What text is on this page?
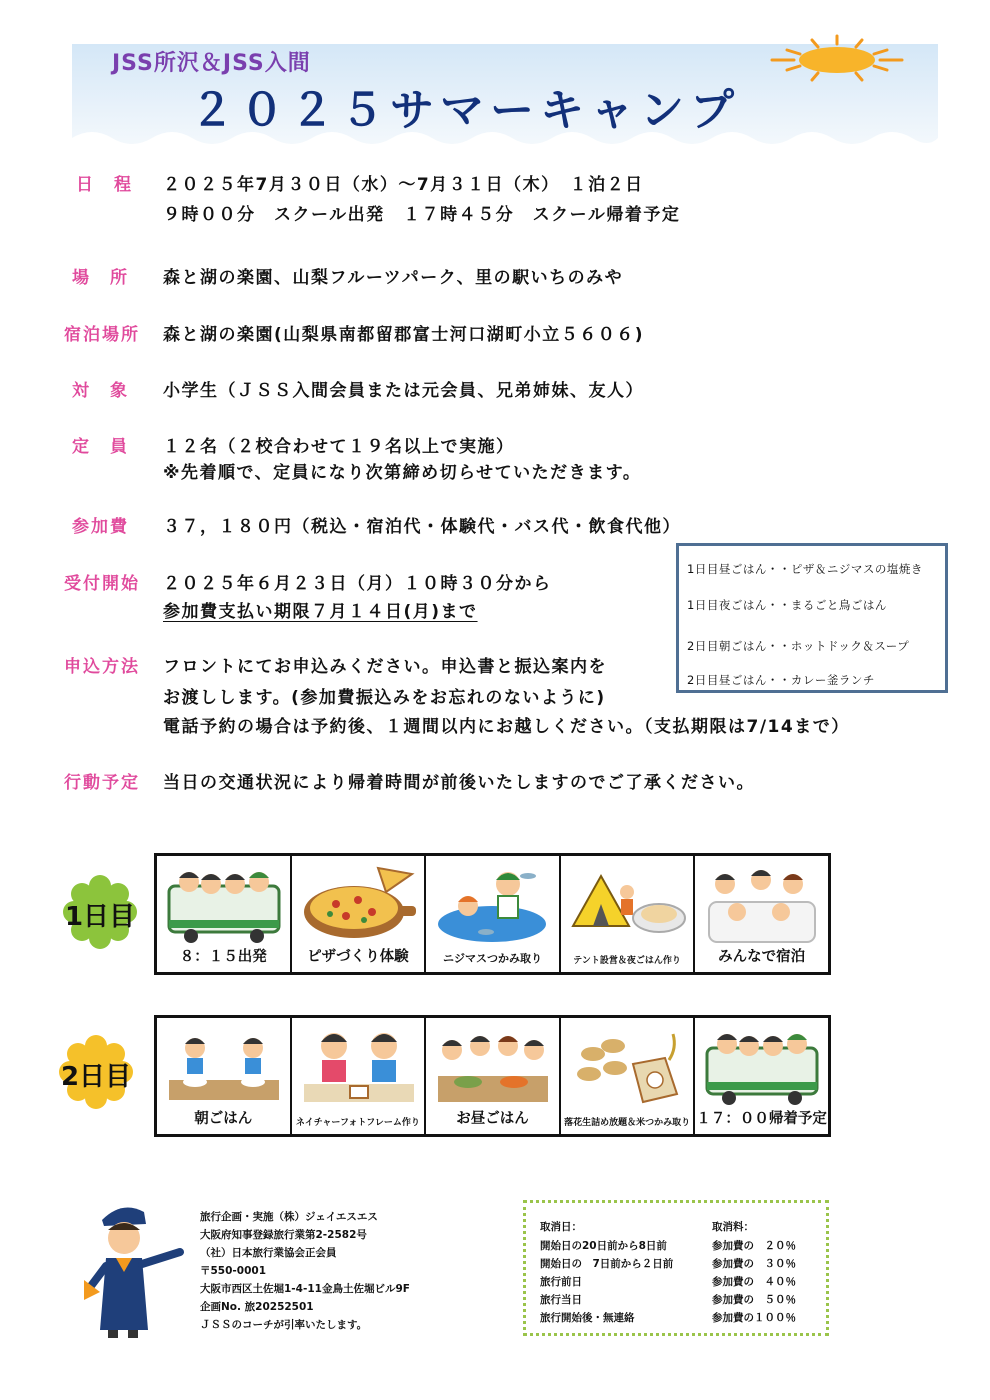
JSS所沢＆JSS入間
２０２５サマーキャンプ
日　程 ２０２５年7月３０日（水）～7月３１日（木）　１泊２日
９時００分　スクール出発　１７時４５分　スクール帰着予定
場　所 森と湖の楽園、山梨フルーツパーク、里の駅いちのみや
宿泊場所 森と湖の楽園(山梨県南都留郡富士河口湖町小立５６０６)
対　象 小学生（ＪＳＳ入間会員または元会員、兄弟姉妹、友人）
定　員 １２名（２校合わせて１９名以上で実施）
※先着順で、定員になり次第締め切らせていただきます。
参加費 ３７，１８０円（税込・宿泊代・体験代・バス代・飲食代他）
受付開始 ２０２５年６月２３日（月）１０時３０分から
参加費支払い期限７月１４日(月)まで
申込方法 フロントにてお申込みください。申込書と振込案内を
お渡しします。(参加費振込みをお忘れのないように)
電話予約の場合は予約後、１週間以内にお越しください。（支払期限は7/14まで）
行動予定 当日の交通状況により帰着時間が前後いたしますのでご了承ください。
1日目昼ごはん・・ピザ＆ニジマスの塩焼き
1日目夜ごはん・・まるごと鳥ごはん
2日目朝ごはん・・ホットドック＆スープ
2日目昼ごはん・・カレー釜ランチ
1日目
８：１５出発	ピザづくり体験	ニジマスつかみ取り	テント設営＆夜ごはん作り	みんなで宿泊
2日目
朝ごはん	ネイチャーフォトフレーム作り	お昼ごはん	落花生詰め放題＆米つかみ取り １７：００帰着予定
旅行企画・実施（株）ジェイエスエス
大阪府知事登録旅行業第2-2582号
（社）日本旅行業協会正会員
〒550-0001
大阪市西区土佐堀1-4-11金鳥土佐堀ビル9F
企画No. 旅20252501
ＪＳＳのコーチが引率いたします。
取消日：	取消料：
開始日の20日前から8日前	参加費の　２０％
開始日の　7日前から２日前	参加費の　３０％
旅行前日	参加費の　４０％
旅行当日	参加費の　５０％
旅行開始後・無連絡	参加費の１００％
